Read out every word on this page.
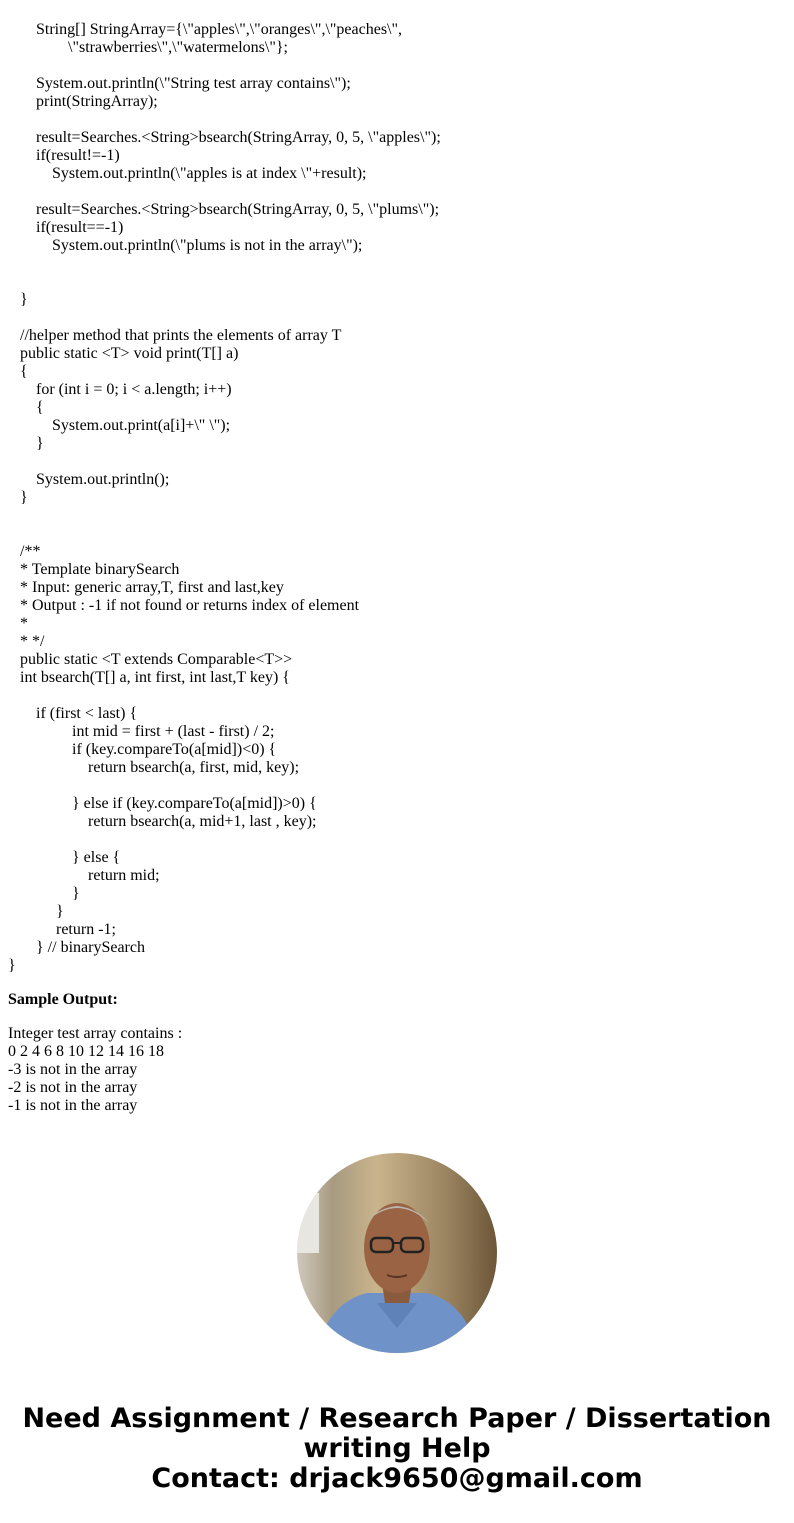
String[] StringArray={\"apples\",\"oranges\",\"peaches\",
\"strawberries\",\"watermelons\"};
System.out.println(\"String test array contains\");
print(StringArray);
result=Searches.<String>bsearch(StringArray, 0, 5, \"apples\");
if(result!=-1)
System.out.println(\"apples is at index \"+result);
result=Searches.<String>bsearch(StringArray, 0, 5, \"plums\");
if(result==-1)
System.out.println(\"plums is not in the array\");
}
//helper method that prints the elements of array T
public static <T> void print(T[] a)
{
for (int i = 0; i < a.length; i++)
{
System.out.print(a[i]+\" \");
}
System.out.println();
}
/**
* Template binarySearch
* Input: generic array,T, first and last,key
* Output : -1 if not found or returns index of element
*
* */
public static <T extends Comparable<T>>
int bsearch(T[] a, int first, int last,T key) {
if (first < last) {
int mid = first + (last - first) / 2;
if (key.compareTo(a[mid])<0) {
return bsearch(a, first, mid, key);
} else if (key.compareTo(a[mid])>0) {
return bsearch(a, mid+1, last , key);
} else {
return mid;
}
}
return -1;
} // binarySearch
}
Sample Output:
Integer test array contains :
0 2 4 6 8 10 12 14 16 18
-3 is not in the array
-2 is not in the array
-1 is not in the array
Need Assignment / Research Paper / Dissertation
writing Help
Contact: drjack9650@gmail.com
